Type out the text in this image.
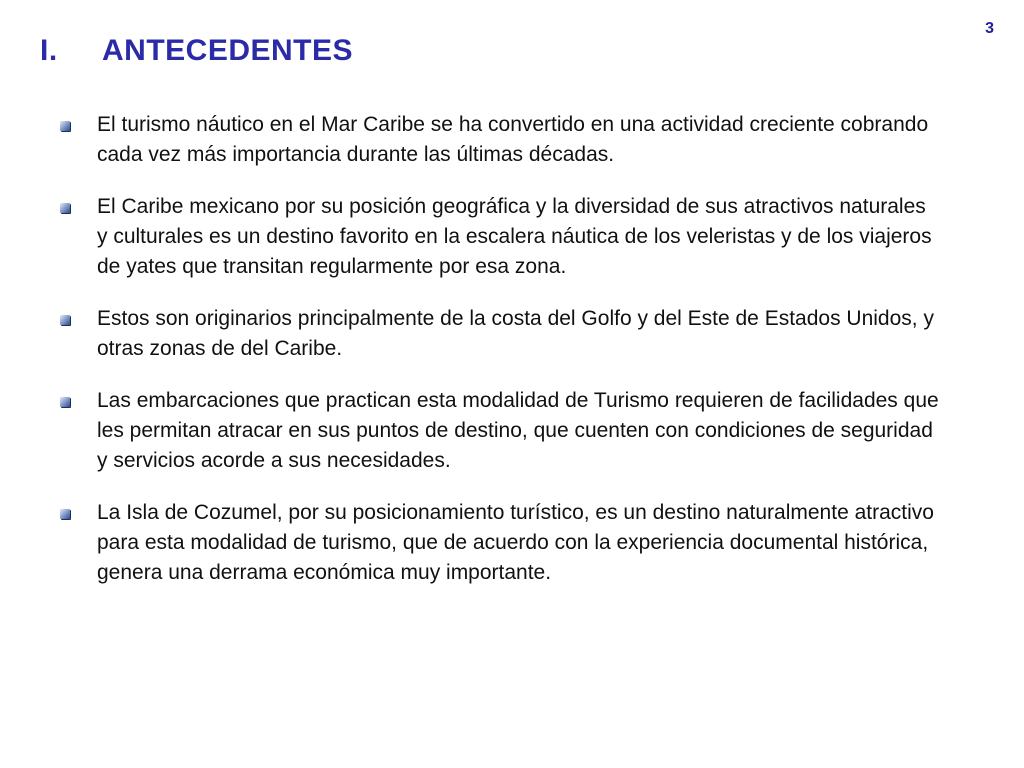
3
I.	ANTECEDENTES
El turismo náutico en el Mar Caribe se ha convertido en una actividad creciente cobrando cada vez más importancia durante las últimas décadas.
El Caribe mexicano por su posición geográfica y la diversidad de sus atractivos naturales y culturales es un destino favorito en la escalera náutica de los veleristas y de los viajeros de yates que transitan regularmente por esa zona.
Estos son originarios principalmente de la costa del Golfo y del Este de Estados Unidos, y otras zonas de del Caribe.
Las embarcaciones que practican esta modalidad de Turismo requieren de facilidades que les permitan atracar en sus puntos de destino, que cuenten con condiciones de seguridad y servicios acorde a sus necesidades.
La Isla de Cozumel, por su posicionamiento turístico, es un destino naturalmente atractivo para esta modalidad de turismo, que de acuerdo con la experiencia documental histórica, genera una derrama económica muy importante.
